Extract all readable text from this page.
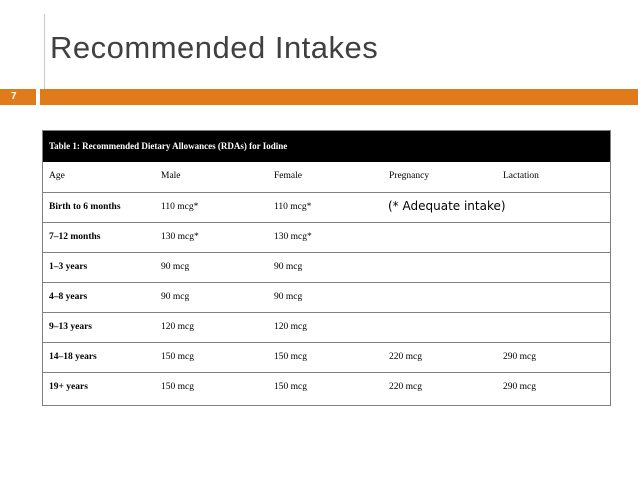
Recommended Intakes
7
Table 1: Recommended Dietary Allowances (RDAs) for Iodine
Age	Male	Female	Pregnancy	Lactation
Birth to 6 months	110 mcg*	110 mcg*
7–12 months	130 mcg*	130 mcg*
1–3 years	90 mcg	90 mcg
4–8 years	90 mcg	90 mcg
9–13 years	120 mcg	120 mcg
14–18 years	150 mcg	150 mcg	220 mcg	290 mcg
19+ years	150 mcg	150 mcg	220 mcg	290 mcg
(* Adequate intake)
